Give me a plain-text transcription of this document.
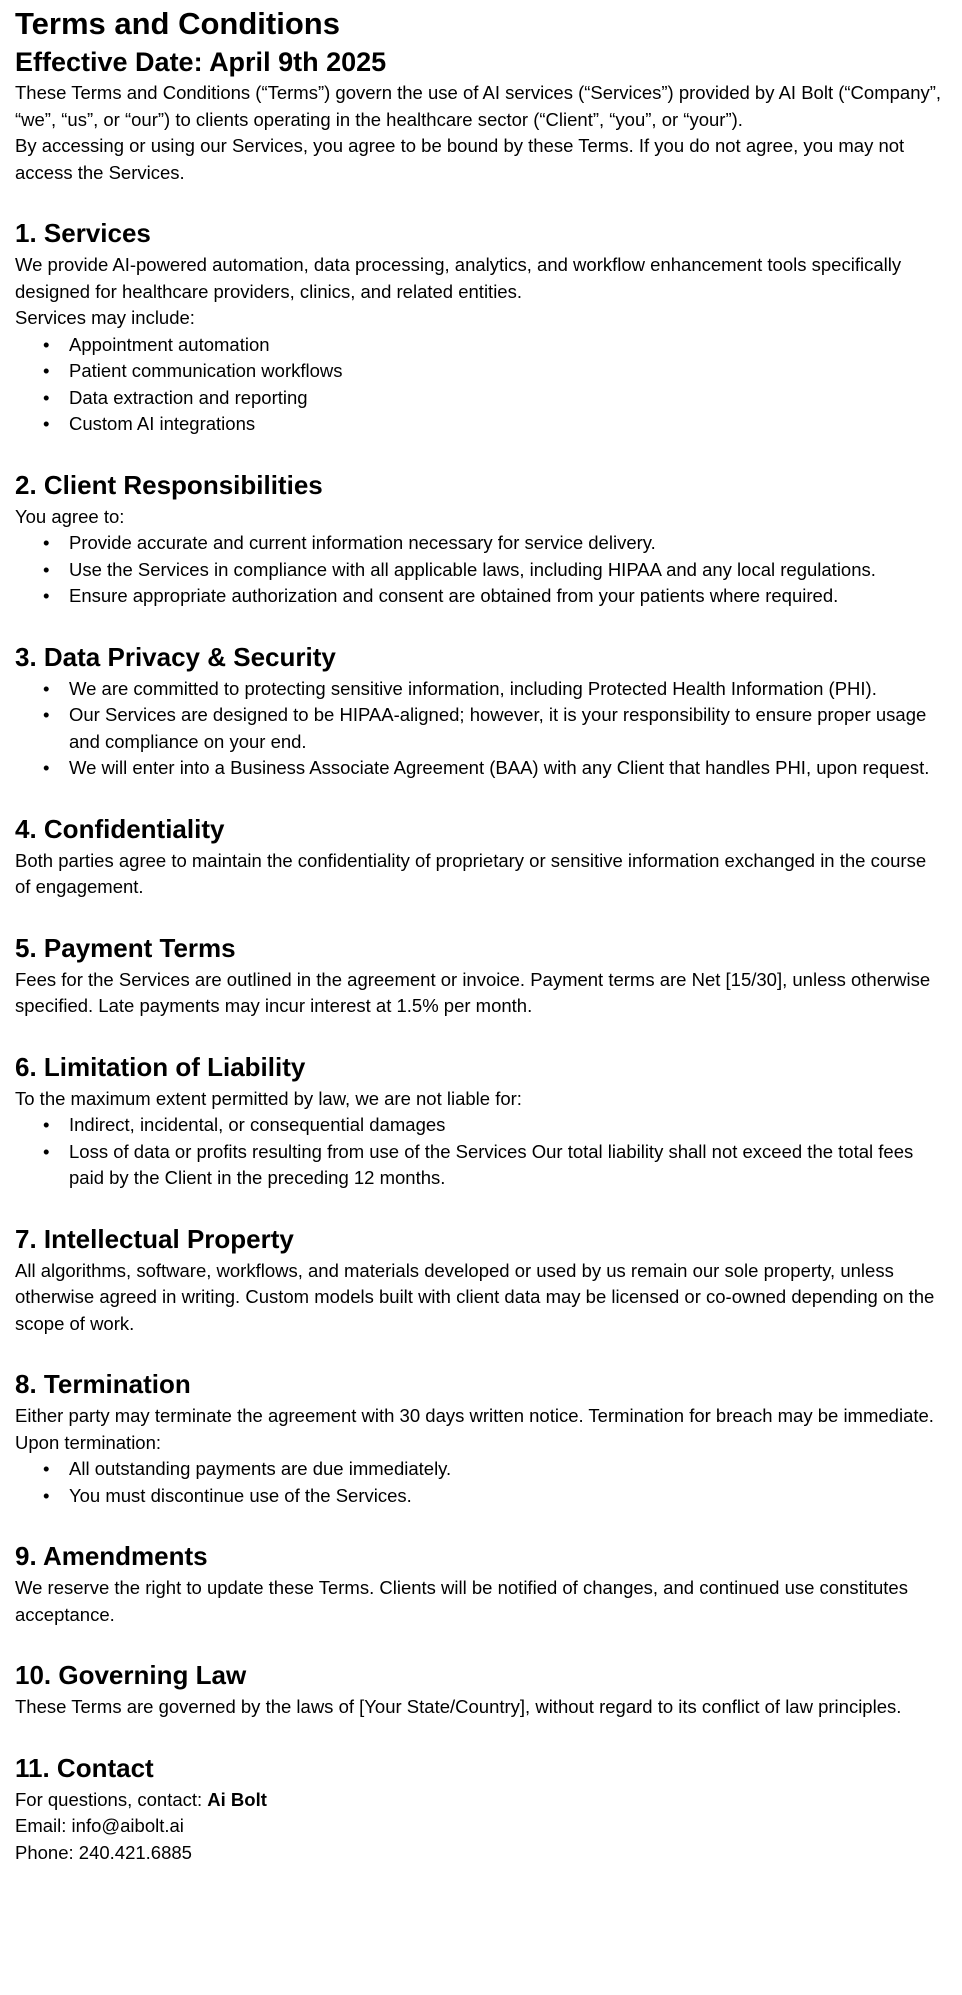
Terms and Conditions
Effective Date: April 9th 2025

These Terms and Conditions (“Terms”) govern the use of AI services (“Services”) provided by AI Bolt (“Company”, “we”, “us”, or “our”) to clients operating in the healthcare sector (“Client”, “you”, or “your”).

By accessing or using our Services, you agree to be bound by these Terms. If you do not agree, you may not access the Services.

1. Services

We provide AI-powered automation, data processing, analytics, and workflow enhancement tools specifically designed for healthcare providers, clinics, and related entities.

Services may include:

• Appointment automation
• Patient communication workflows
• Data extraction and reporting
• Custom AI integrations
2. Client Responsibilities

You agree to:

• Provide accurate and current information necessary for service delivery.
• Use the Services in compliance with all applicable laws, including HIPAA and any local regulations.
• Ensure appropriate authorization and consent are obtained from your patients where required.
3. Data Privacy & Security
• We are committed to protecting sensitive information, including Protected Health Information (PHI).
• Our Services are designed to be HIPAA-aligned; however, it is your responsibility to ensure proper usage and compliance on your end.
• We will enter into a Business Associate Agreement (BAA) with any Client that handles PHI, upon request.
4. Confidentiality

Both parties agree to maintain the confidentiality of proprietary or sensitive information exchanged in the course of engagement.

5. Payment Terms

Fees for the Services are outlined in the agreement or invoice. Payment terms are Net [15/30], unless otherwise specified. Late payments may incur interest at 1.5% per month.

6. Limitation of Liability

To the maximum extent permitted by law, we are not liable for:

• Indirect, incidental, or consequential damages
• Loss of data or profits resulting from use of the Services Our total liability shall not exceed the total fees paid by the Client in the preceding 12 months.
7. Intellectual Property

All algorithms, software, workflows, and materials developed or used by us remain our sole property, unless otherwise agreed in writing. Custom models built with client data may be licensed or co-owned depending on the scope of work.

8. Termination

Either party may terminate the agreement with 30 days written notice. Termination for breach may be immediate. Upon termination:

• All outstanding payments are due immediately.
• You must discontinue use of the Services.
9. Amendments

We reserve the right to update these Terms. Clients will be notified of changes, and continued use constitutes acceptance.

10. Governing Law

These Terms are governed by the laws of [Your State/Country], without regard to its conflict of law principles.

11. Contact

For questions, contact: Ai Bolt

Email: info@aibolt.ai

Phone: 240.421.6885
